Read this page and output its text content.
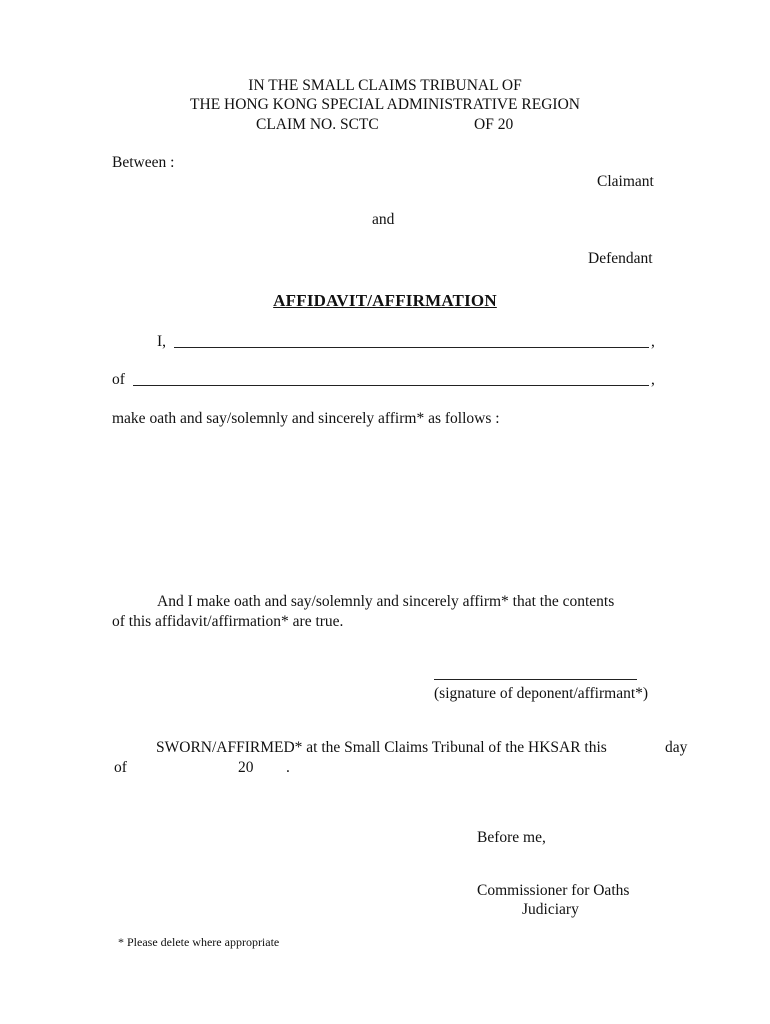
IN THE SMALL CLAIMS TRIBUNAL OF
THE HONG KONG SPECIAL ADMINISTRATIVE REGION
CLAIM NO. SCTC	OF 20
Between :
Claimant
and
Defendant
AFFIDAVIT/AFFIRMATION
I,	,
of	,
make oath and say/solemnly and sincerely affirm* as follows :
And I make oath and say/solemnly and sincerely affirm* that the contents
of this affidavit/affirmation* are true.
(signature of deponent/affirmant*)
SWORN/AFFIRMED* at the Small Claims Tribunal of the HKSAR this	day
of	20 .
Before me,
Commissioner for Oaths
Judiciary
* Please delete where appropriate
